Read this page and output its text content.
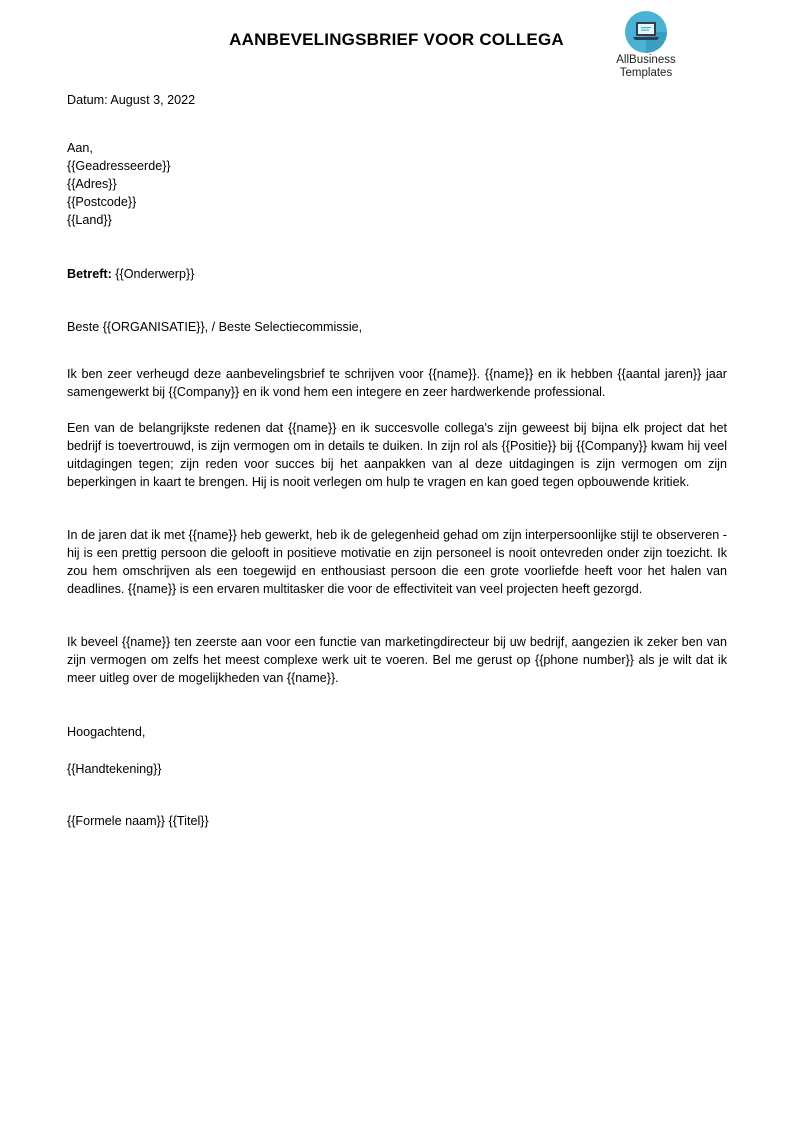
AANBEVELINGSBRIEF VOOR COLLEGA
AllBusiness
Templates
Datum: August 3, 2022
Aan,
{{Geadresseerde}}
{{Adres}}
{{Postcode}}
{{Land}}
Betreft: {{Onderwerp}}
Beste {{ORGANISATIE}}, / Beste Selectiecommissie,
Ik ben zeer verheugd deze aanbevelingsbrief te schrijven voor {{name}}. {{name}} en ik hebben {{aantal jaren}} jaar samengewerkt bij {{Company}} en ik vond hem een integere en zeer hardwerkende professional.
Een van de belangrijkste redenen dat {{name}} en ik succesvolle collega's zijn geweest bij bijna elk project dat het bedrijf is toevertrouwd, is zijn vermogen om in details te duiken. In zijn rol als {{Positie}} bij {{Company}} kwam hij veel uitdagingen tegen; zijn reden voor succes bij het aanpakken van al deze uitdagingen is zijn vermogen om zijn beperkingen in kaart te brengen. Hij is nooit verlegen om hulp te vragen en kan goed tegen opbouwende kritiek.
In de jaren dat ik met {{name}} heb gewerkt, heb ik de gelegenheid gehad om zijn interpersoonlijke stijl te observeren - hij is een prettig persoon die gelooft in positieve motivatie en zijn personeel is nooit ontevreden onder zijn toezicht. Ik zou hem omschrijven als een toegewijd en enthousiast persoon die een grote voorliefde heeft voor het halen van deadlines. {{name}} is een ervaren multitasker die voor de effectiviteit van veel projecten heeft gezorgd.
Ik beveel {{name}} ten zeerste aan voor een functie van marketingdirecteur bij uw bedrijf, aangezien ik zeker ben van zijn vermogen om zelfs het meest complexe werk uit te voeren. Bel me gerust op {{phone number}} als je wilt dat ik meer uitleg over de mogelijkheden van {{name}}.
Hoogachtend,
{{Handtekening}}
{{Formele naam}} {{Titel}}
